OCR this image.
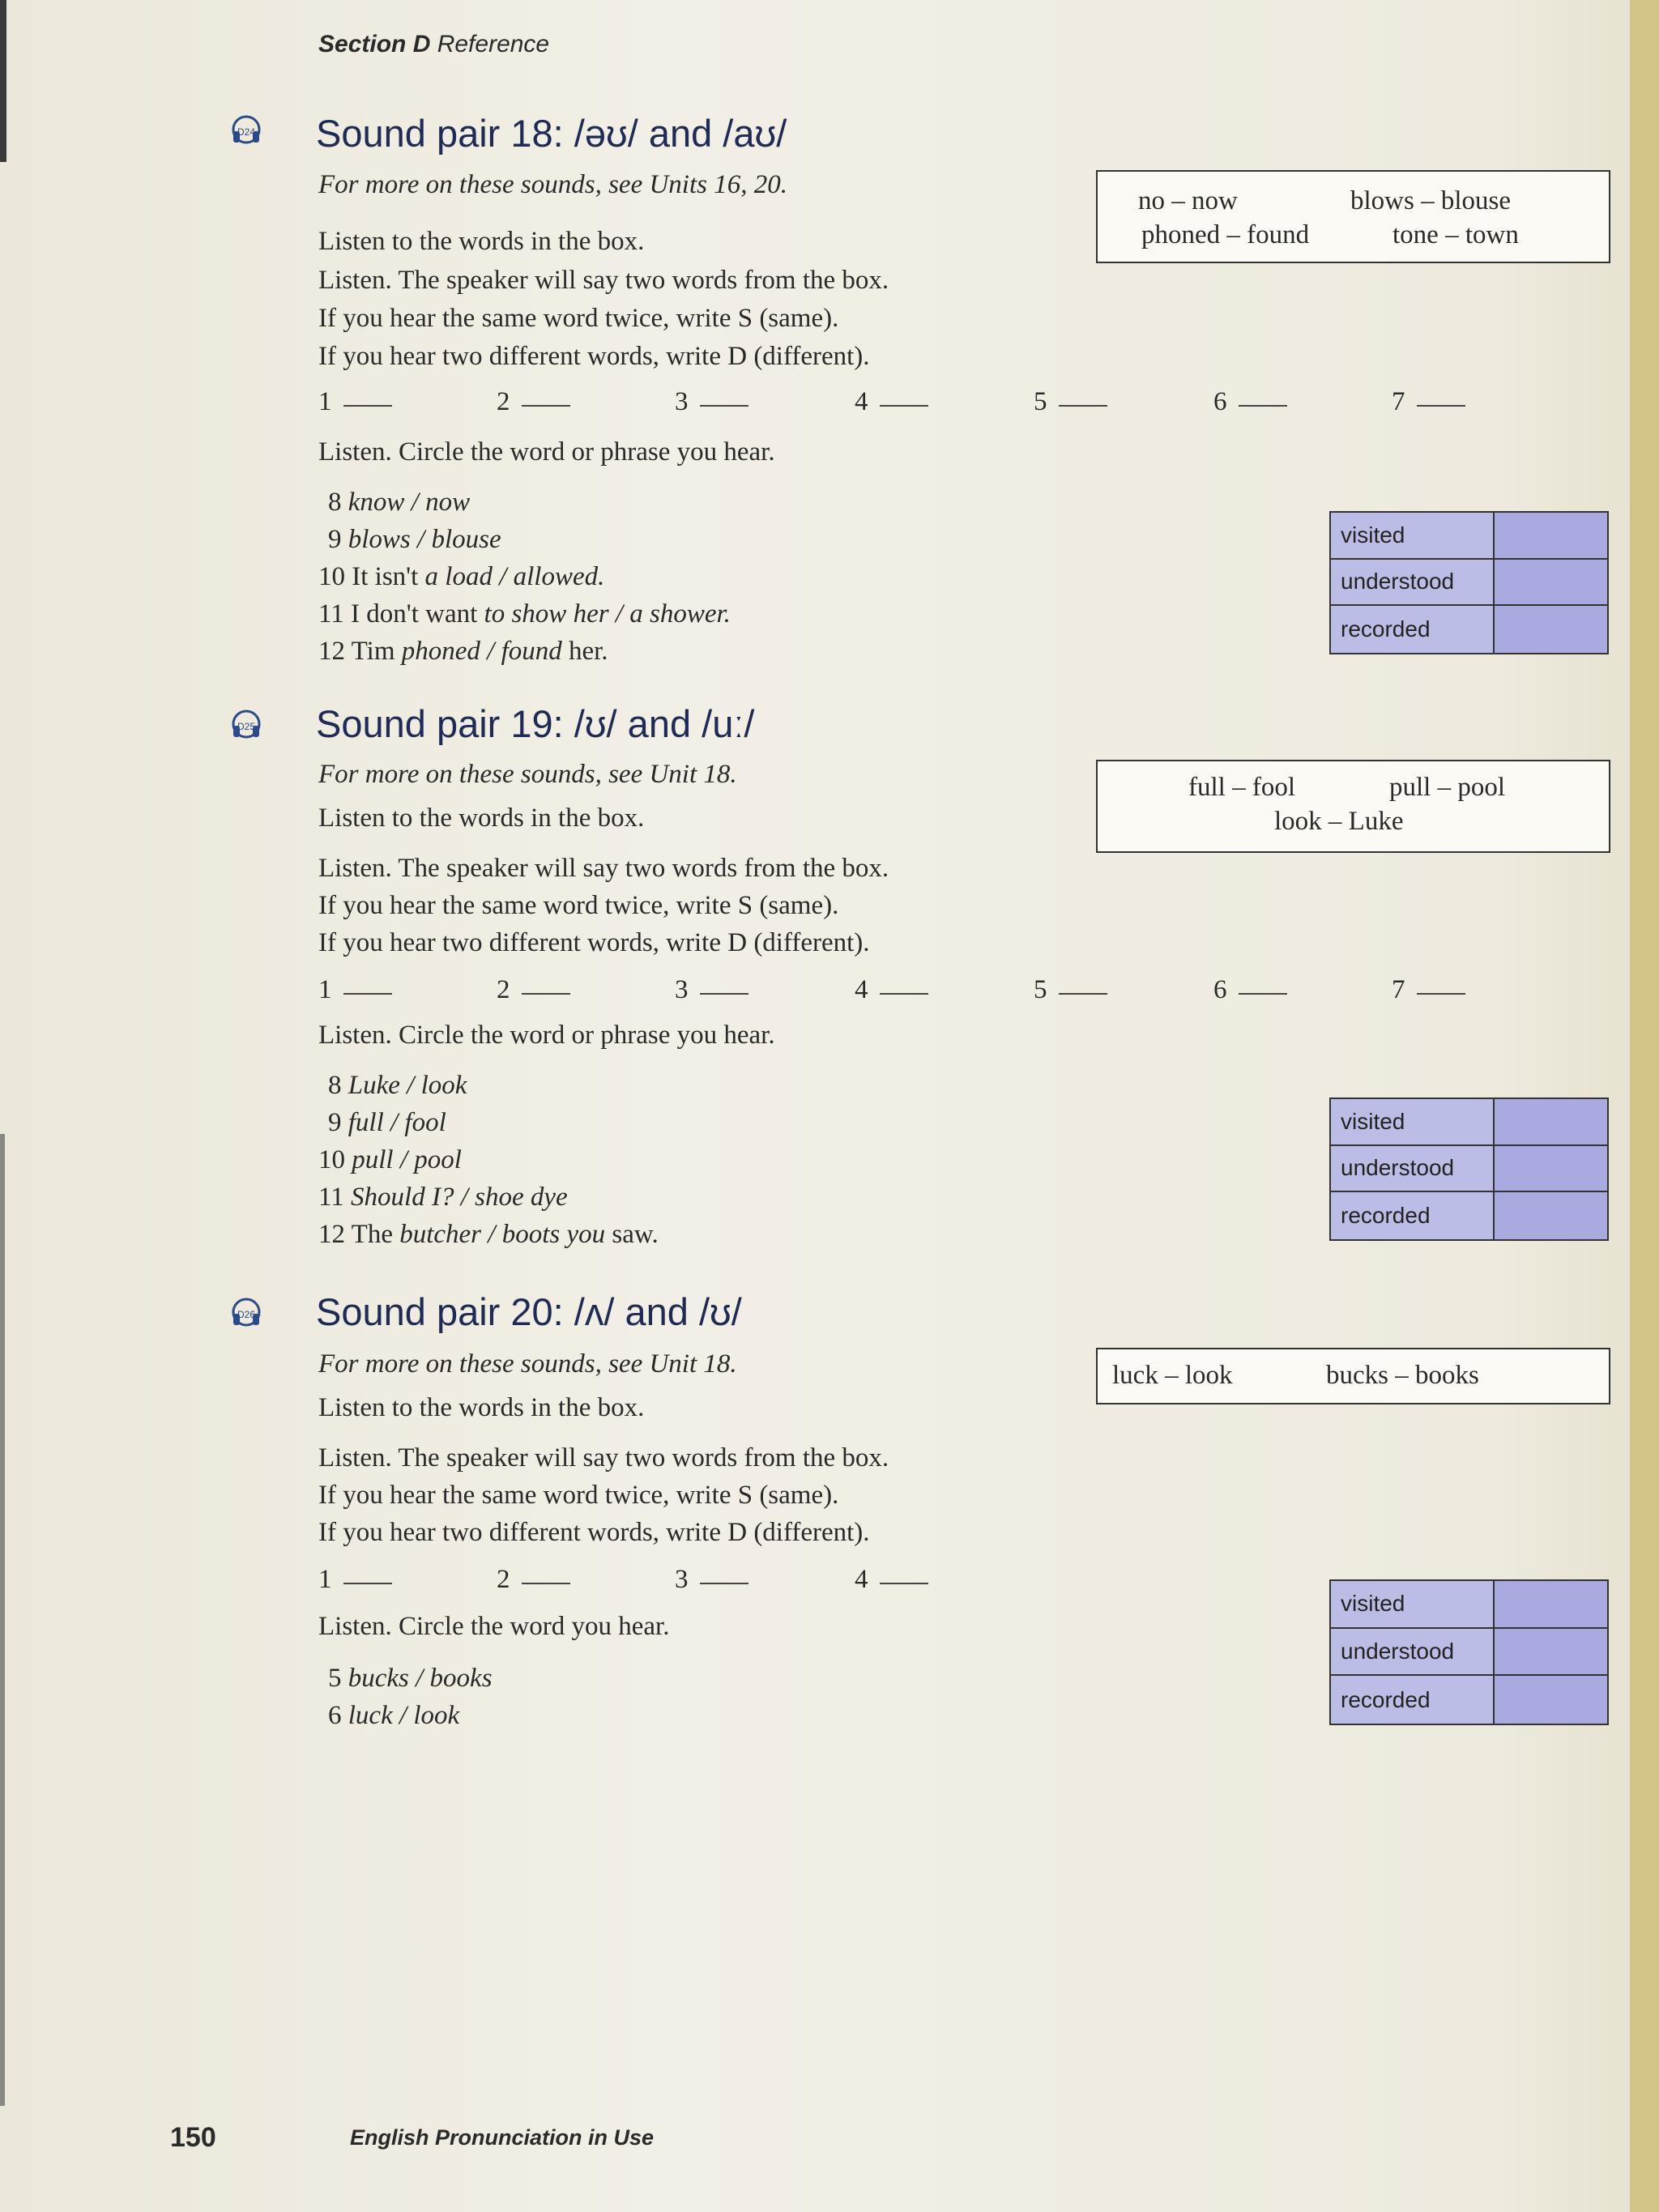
Section D Reference
D24 Sound pair 18: /əʊ/ and /aʊ/
For more on these sounds, see Units 16, 20.
Listen to the words in the box.
no – now	blows – blouse
phoned – found	tone – town
Listen. The speaker will say two words from the box.
If you hear the same word twice, write S (same).
If you hear two different words, write D (different).
1	2	3	4	5	6	7
Listen. Circle the word or phrase you hear.
8 know / now
9 blows / blouse
10 It isn't a load / allowed.
11 I don't want to show her / a shower.
12 Tim phoned / found her.
visited
understood
recorded
D25 Sound pair 19: /ʊ/ and /uː/
For more on these sounds, see Unit 18.
Listen to the words in the box.
full – fool	pull – pool
look – Luke
Listen. The speaker will say two words from the box.
If you hear the same word twice, write S (same).
If you hear two different words, write D (different).
1	2	3	4	5	6	7
Listen. Circle the word or phrase you hear.
8 Luke / look
9 full / fool
10 pull / pool
11 Should I? / shoe dye
12 The butcher / boots you saw.
visited
understood
recorded
D26 Sound pair 20: /ʌ/ and /ʊ/
For more on these sounds, see Unit 18.
Listen to the words in the box.
luck – look	bucks – books
Listen. The speaker will say two words from the box.
If you hear the same word twice, write S (same).
If you hear two different words, write D (different).
1	2	3	4
Listen. Circle the word you hear.
5 bucks / books
6 luck / look
visited
understood
recorded
150	English Pronunciation in Use
